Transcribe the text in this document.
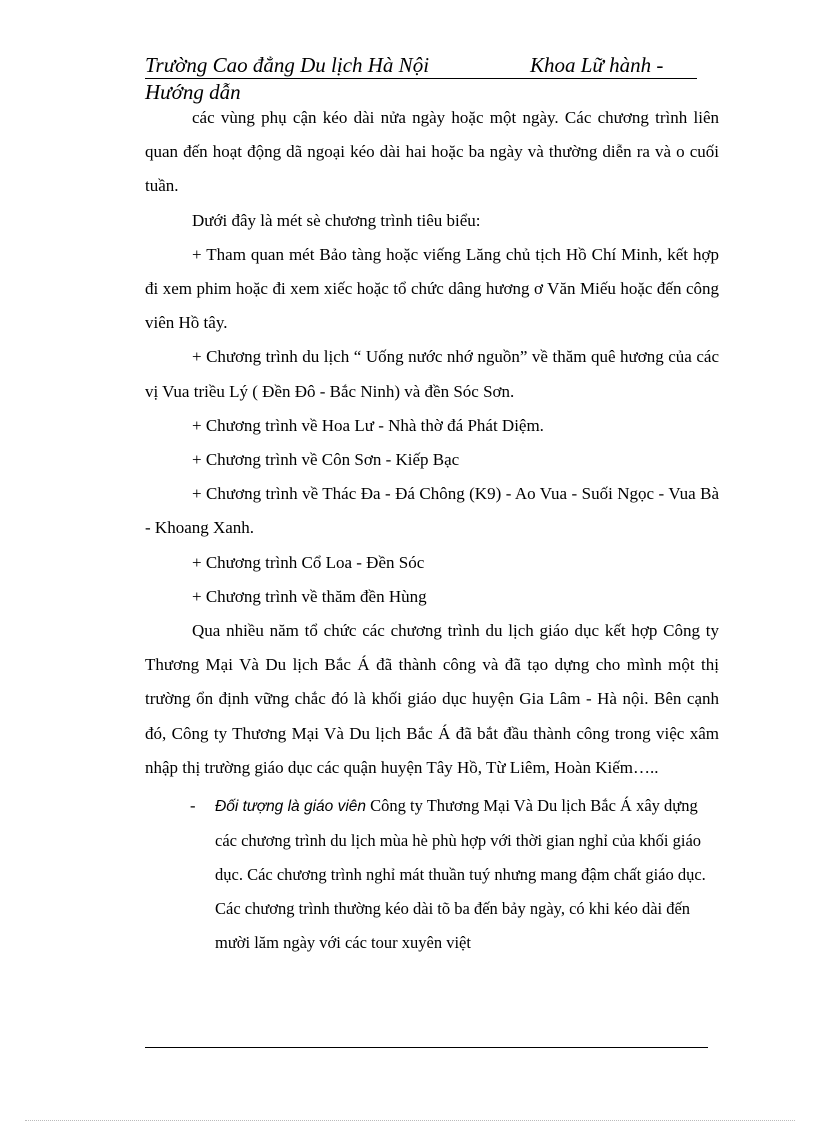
Trường Cao đẳng Du lịch Hà Nội	Khoa Lữ hành -
Hướng dẫn

các vùng phụ cận kéo dài nửa ngày hoặc một ngày. Các chương trình liên quan đến hoạt động dã ngoại kéo dài hai hoặc ba ngày và thường diễn ra và o cuối tuần.

Dưới đây là mét sè chương trình tiêu biểu:

+ Tham quan mét Bảo tàng hoặc viếng Lăng chủ tịch Hồ Chí Minh, kết hợp đi xem phim hoặc đi xem xiếc hoặc tổ chức dâng hương ơ Văn Miếu hoặc đến công viên Hồ tây.

+ Chương trình du lịch “ Uống nước nhớ nguồn” về thăm quê hương của các vị Vua triều Lý ( Đền Đô - Bắc Ninh) và đền Sóc Sơn.

+ Chương trình về Hoa Lư - Nhà thờ đá Phát Diệm.

+ Chương trình về Côn Sơn - Kiếp Bạc

+ Chương trình về Thác Đa - Đá Chông (K9) - Ao Vua - Suối Ngọc - Vua Bà - Khoang Xanh.

+ Chương trình Cổ Loa - Đền Sóc

+ Chương trình về thăm đền Hùng

Qua nhiều năm tổ chức các chương trình du lịch giáo dục kết hợp Công ty Thương Mại Và Du lịch Bắc Á đã thành công và đã tạo dựng cho mình một thị trường ổn định vững chắc đó là khối giáo dục huyện Gia Lâm - Hà nội. Bên cạnh đó, Công ty Thương Mại Và Du lịch Bắc Á đã bắt đầu thành công trong việc xâm nhập thị trường giáo dục các quận huyện Tây Hồ, Từ Liêm, Hoàn Kiếm…..

- Đối tượng là giáo viên Công ty Thương Mại Và Du lịch Bắc Á xây dựng các chương trình du lịch mùa hè phù hợp với thời gian nghỉ của khối giáo dục. Các chương trình nghỉ mát thuần tuý nhưng mang đậm chất giáo dục. Các chương trình thường kéo dài tõ ba đến bảy ngày, có khi kéo dài đến mười lăm ngày với các tour xuyên việt
